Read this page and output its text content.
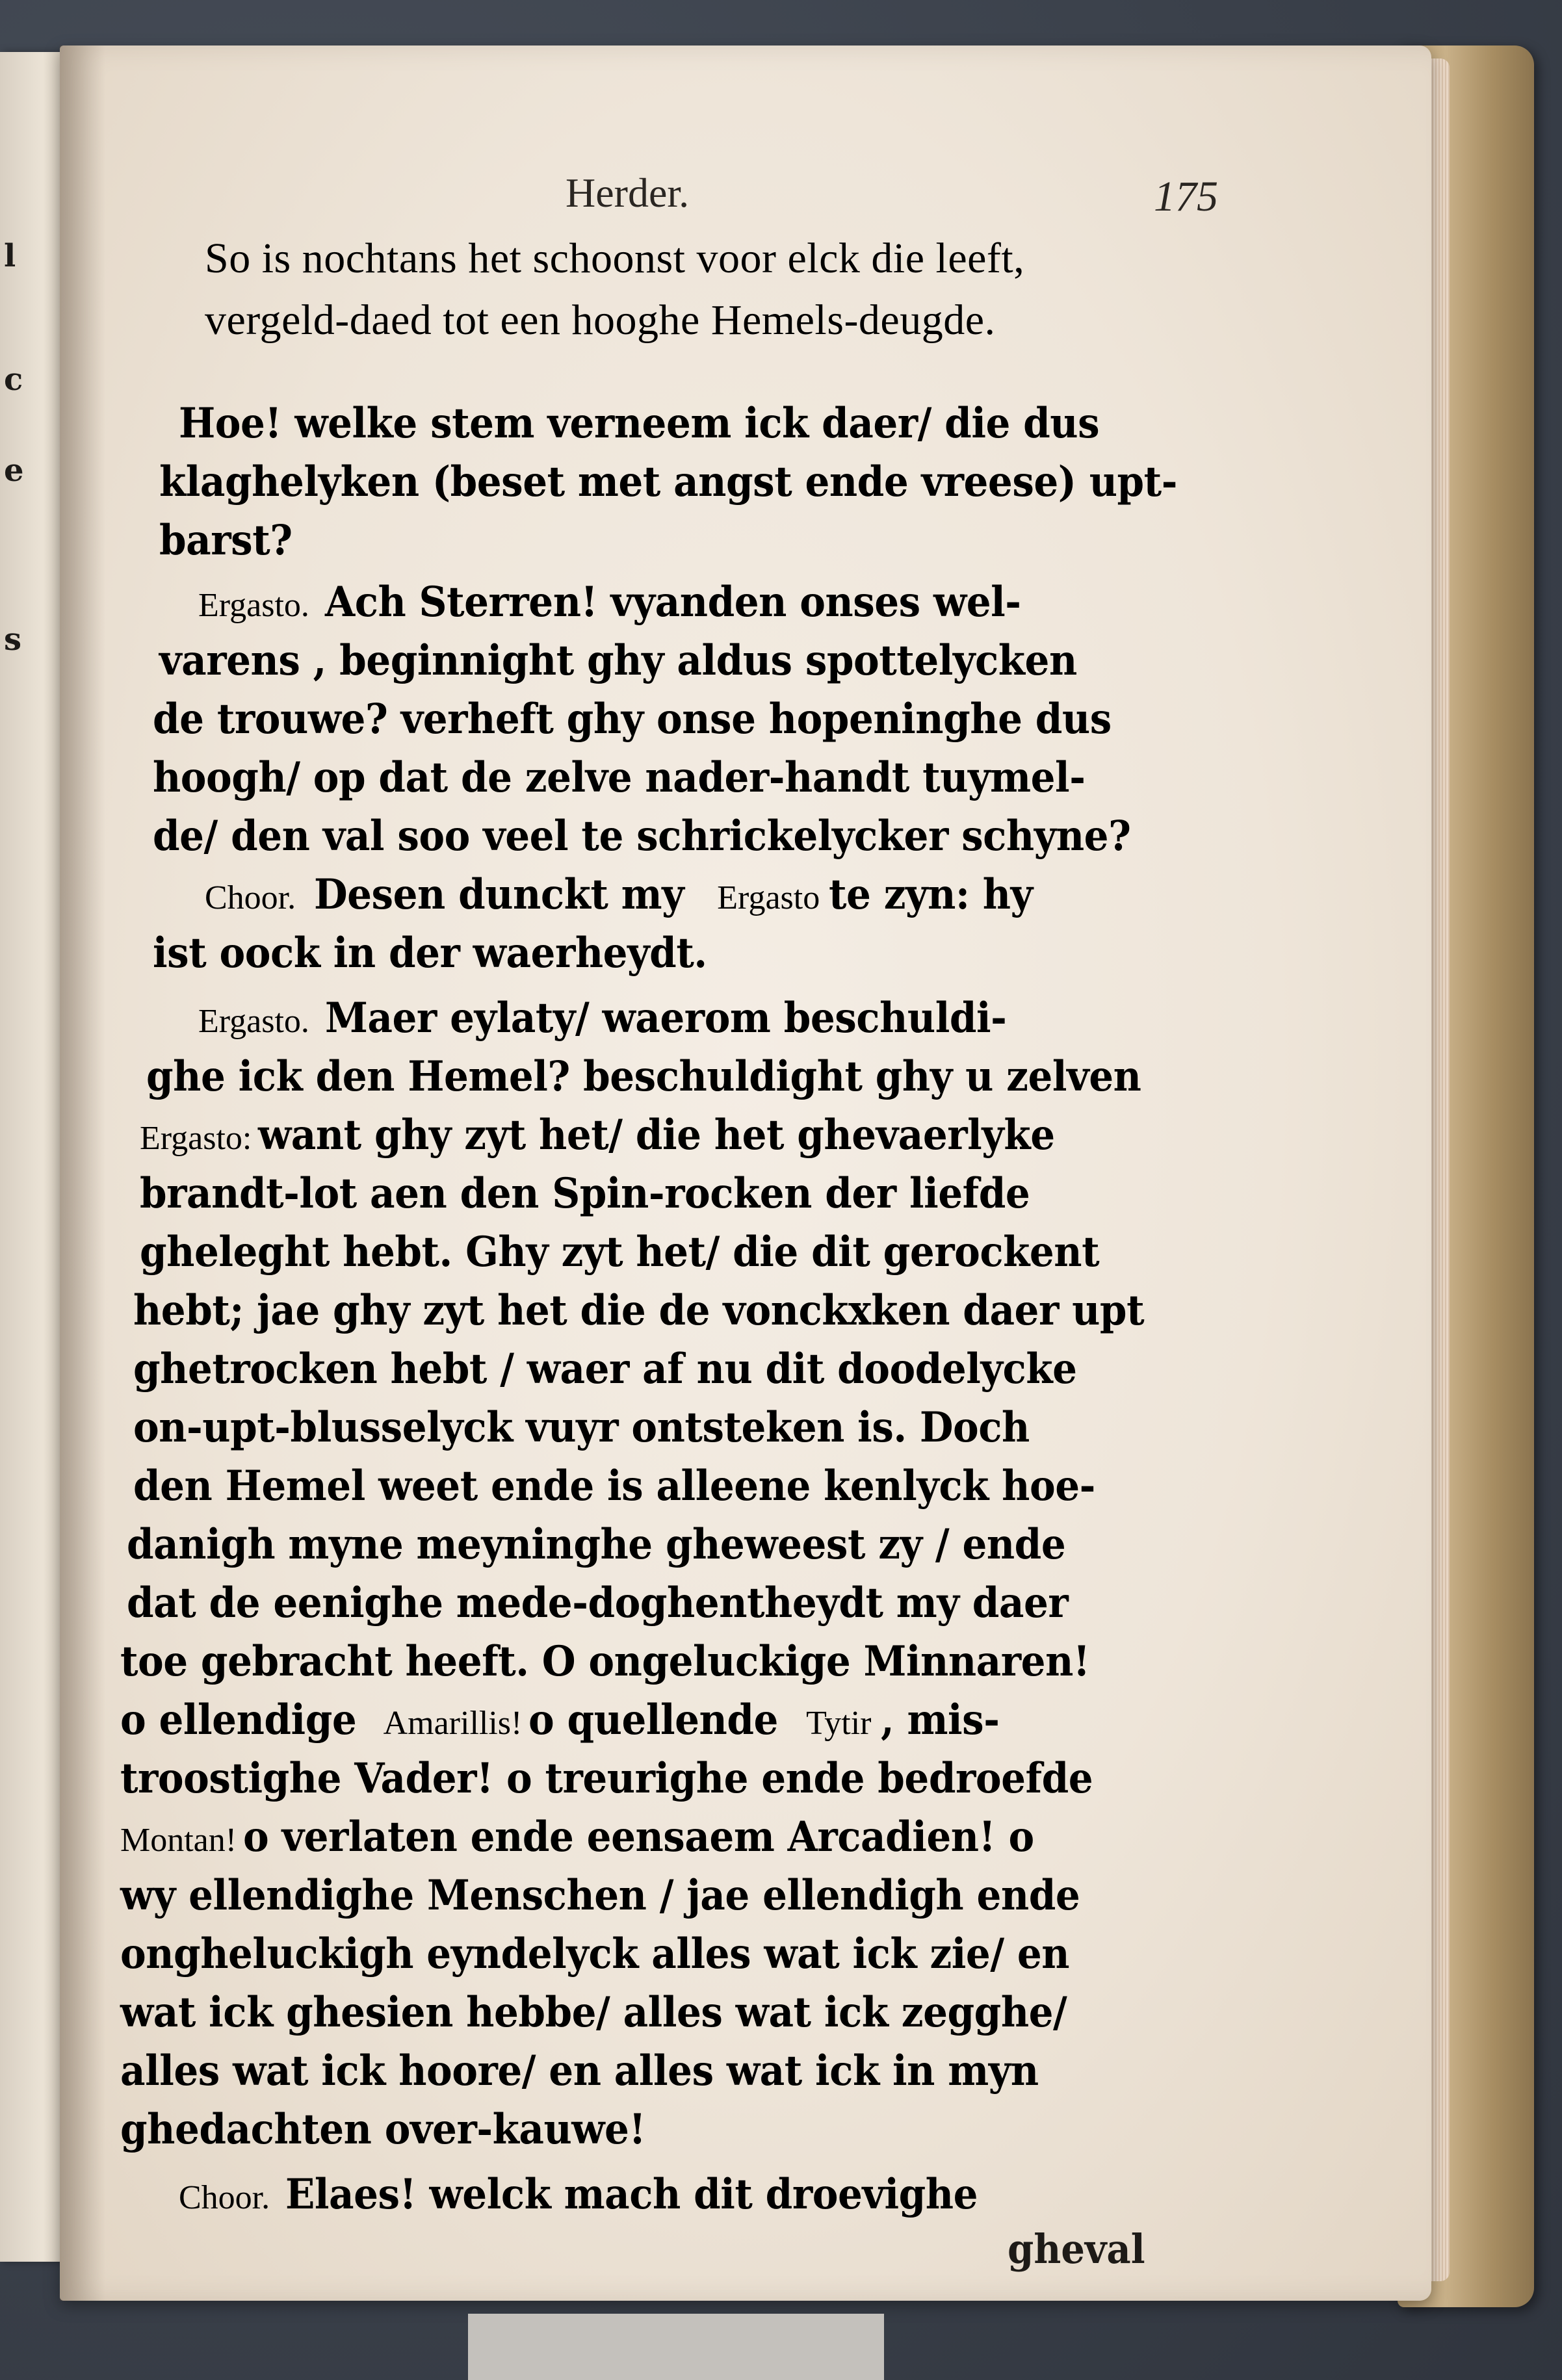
l
c
e
s
Herder.	175
So is nochtans het schoonst voor elck die leeft,
vergeld-daed tot een hooghe Hemels-deugde.
Hoe! welke stem verneem ick daer/ die dus
klaghelyken (beset met angst ende vreese) upt-
barst?
Ergasto. Ach Sterren! vyanden onses wel-
varens , beginnight ghy aldus spottelycken
de trouwe? verheft ghy onse hopeninghe dus
hoogh/ op dat de zelve nader-handt tuymel-
de/ den val soo veel te schrickelycker schyne?
Choor. Desen dunckt my Ergasto te zyn: hy
ist oock in der waerheydt.
Ergasto. Maer eylaty/ waerom beschuldi-
ghe ick den Hemel? beschuldight ghy u zelven
Ergasto: want ghy zyt het/ die het ghevaerlyke
brandt-lot aen den Spin-rocken der liefde
gheleght hebt. Ghy zyt het/ die dit gerockent
hebt; jae ghy zyt het die de vonckxken daer upt
ghetrocken hebt / waer af nu dit doodelycke
on-upt-blusselyck vuyr ontsteken is. Doch
den Hemel weet ende is alleene kenlyck hoe-
danigh myne meyninghe gheweest zy / ende
dat de eenighe mede-doghentheydt my daer
toe gebracht heeft. O ongeluckige Minnaren!
o ellendige Amarillis! o quellende Tytir , mis-
troostighe Vader! o treurighe ende bedroefde
Montan! o verlaten ende eensaem Arcadien! o
wy ellendighe Menschen / jae ellendigh ende
ongheluckigh eyndelyck alles wat ick zie/ en
wat ick ghesien hebbe/ alles wat ick zegghe/
alles wat ick hoore/ en alles wat ick in myn
ghedachten over-kauwe!
Choor. Elaes! welck mach dit droevighe
gheval
